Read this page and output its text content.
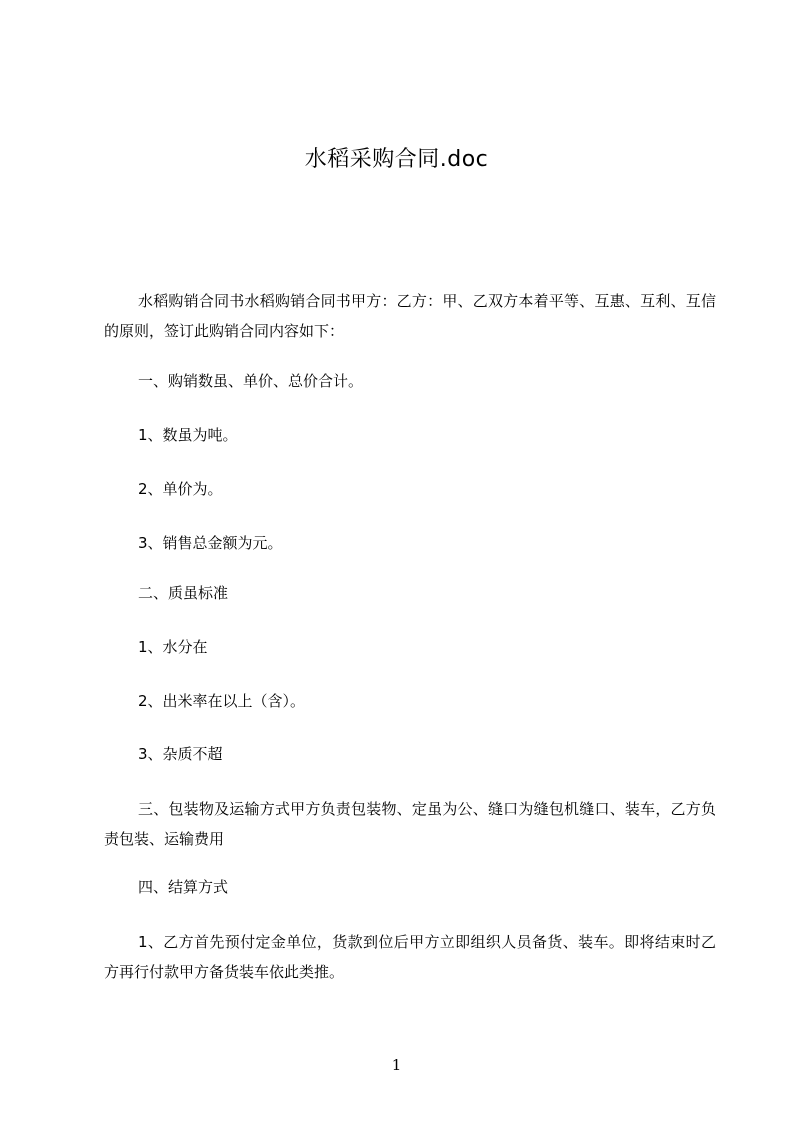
水稻采购合同.doc

水稻购销合同书水稻购销合同书甲方：乙方：甲、乙双方本着平等、互惠、互利、互信的原则，签订此购销合同内容如下：

一、购销数虽、单价、总价合计。

1、数虽为吨。

2、单价为。

3、销售总金额为元。

二、质虽标准

1、水分在

2、出米率在以上（含）。

3、杂质不超

三、包装物及运输方式甲方负责包装物、定虽为公、缝口为缝包机缝口、装车，乙方负责包装、运输费用

四、结算方式

1、乙方首先预付定金单位，货款到位后甲方立即组织人员备货、装车。即将结束时乙方再行付款甲方备货装车依此类推。

1
